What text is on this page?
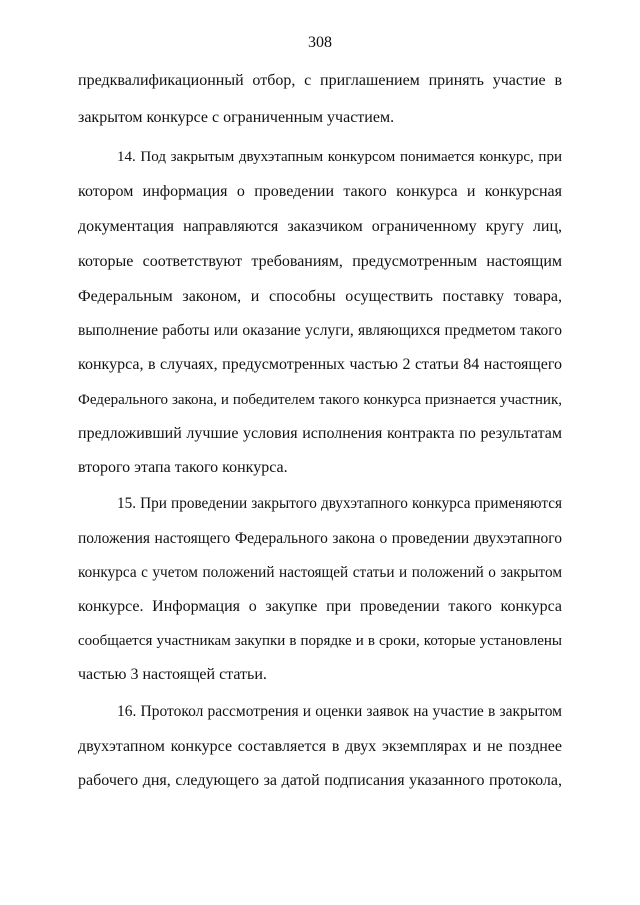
308
предквалификационный отбор, с приглашением принять участие в
закрытом конкурсе с ограниченным участием.
14. Под закрытым двухэтапным конкурсом понимается конкурс, при
котором информация о проведении такого конкурса и конкурсная
документация направляются заказчиком ограниченному кругу лиц,
которые соответствуют требованиям, предусмотренным настоящим
Федеральным законом, и способны осуществить поставку товара,
выполнение работы или оказание услуги, являющихся предметом такого
конкурса, в случаях, предусмотренных частью 2 статьи 84 настоящего
Федерального закона, и победителем такого конкурса признается участник,
предложивший лучшие условия исполнения контракта по результатам
второго этапа такого конкурса.
15. При проведении закрытого двухэтапного конкурса применяются
положения настоящего Федерального закона о проведении двухэтапного
конкурса с учетом положений настоящей статьи и положений о закрытом
конкурсе. Информация о закупке при проведении такого конкурса
сообщается участникам закупки в порядке и в сроки, которые установлены
частью 3 настоящей статьи.
16. Протокол рассмотрения и оценки заявок на участие в закрытом
двухэтапном конкурсе составляется в двух экземплярах и не позднее
рабочего дня, следующего за датой подписания указанного протокола,
